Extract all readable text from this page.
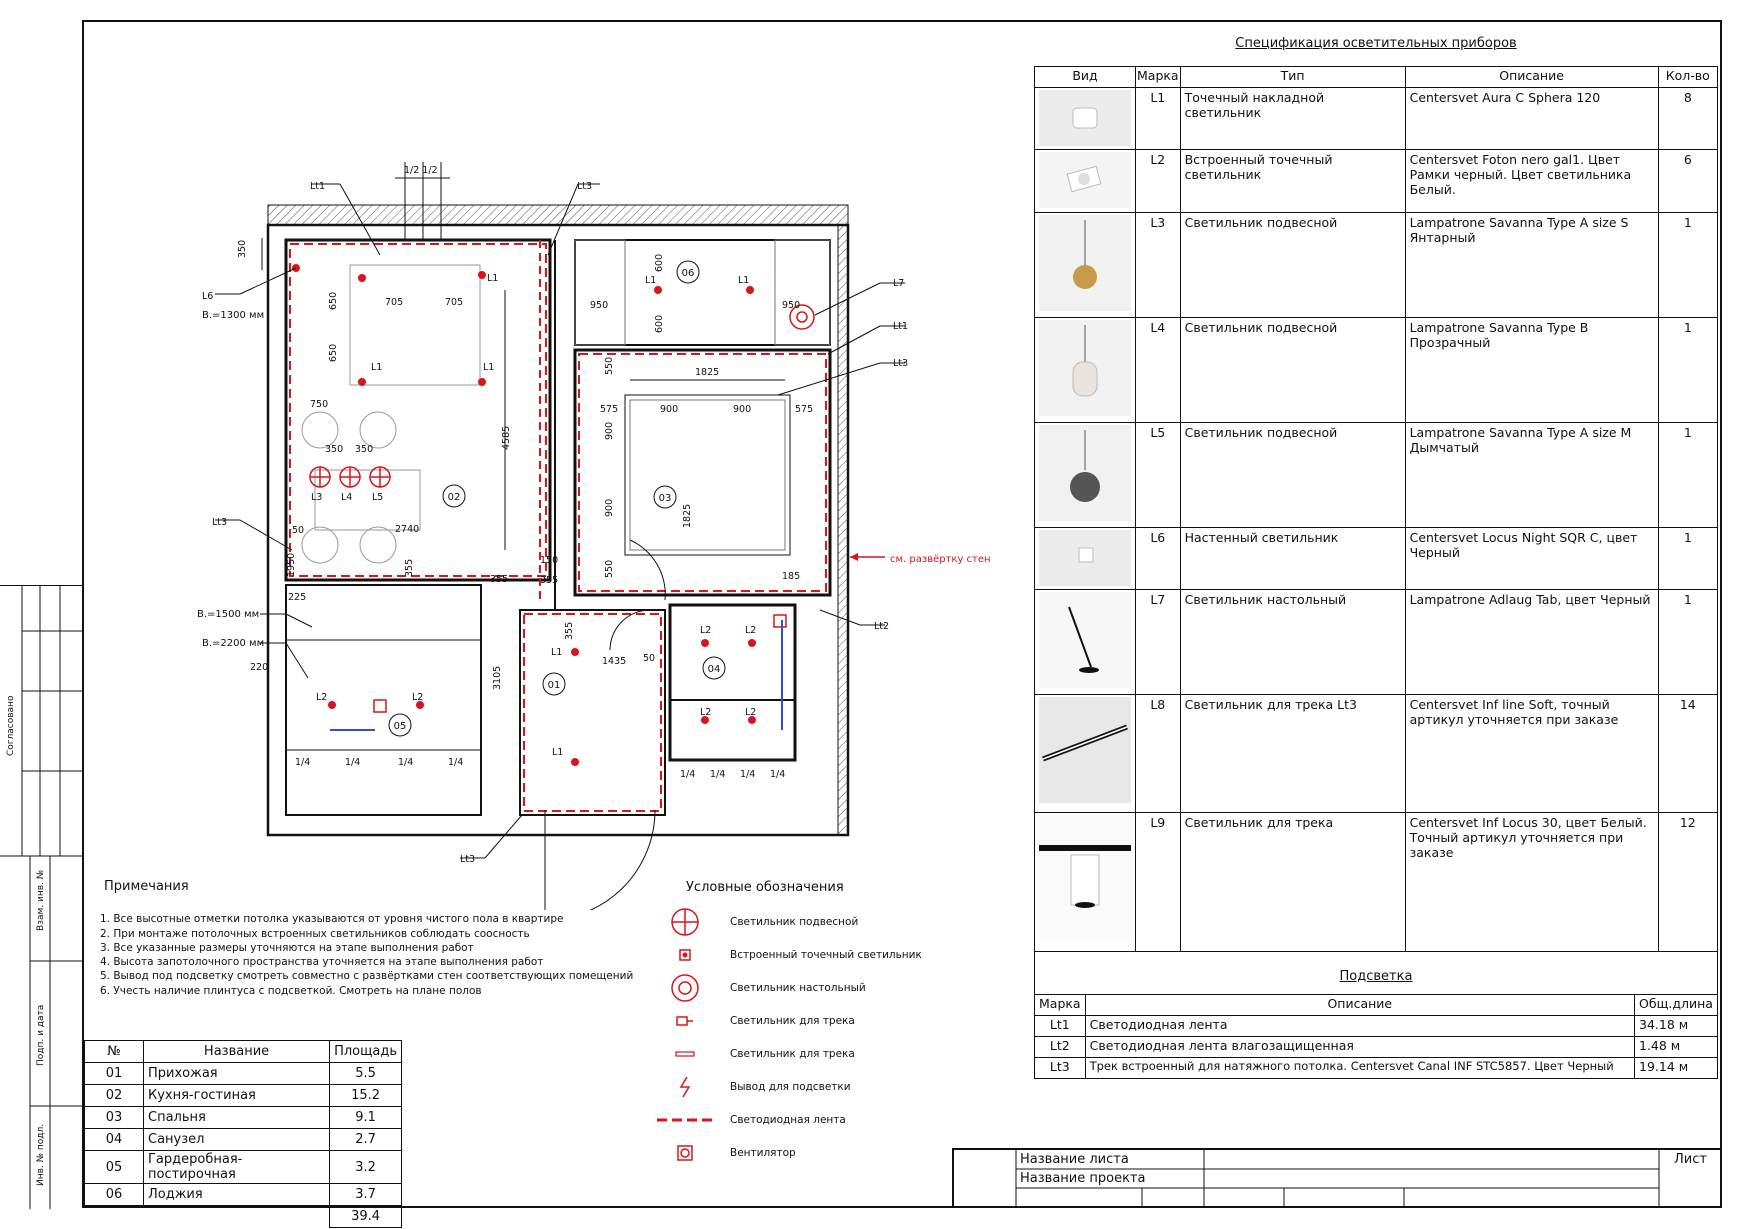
Согласовано
Взам. инв. №
Подп. и дата
Инв. № подл.
1/2 1/2
350
705	705
650
650
750
350 350
2740
4585
1825
575	900	900	575
550
900
900
550
1825
950	950
600
600
150
355
355
1950	355
50
225
220
1435 50
3105
355
185
1/4	1/4	1/4	1/4
1/4 1/4 1/4 1/4
Lt1	Lt3
L6
L7
Lt1
Lt3
Lt3
Lt2
Lt3
L1
L1	L1
L1	L1
L1
L1
L2	L2
L2	L2
L2	L2
L3 L4 L5
01
02	03
04
05
06
В.=1300 мм
В.=1500 мм
В.=2200 мм
см. развёртку стен
Спецификация осветительных приборов
Вид	Марка	Тип	Описание	Кол-во

	L1	Точечный накладной светильник	Centersvet Aura C Sphera 120	8

	L2	Встроенный точечный светильник	Centersvet Foton nero gal1. Цвет Рамки черный. Цвет светильника Белый.	6

	L3	Светильник подвесной	Lampatrone Savanna Type A size S Янтарный	1

	L4	Светильник подвесной	Lampatrone Savanna Type B Прозрачный	1

	L5	Светильник подвесной	Lampatrone Savanna Type A size M Дымчатый	1

	L6	Настенный светильник	Centersvet Locus Night SQR C, цвет Черный	1

	L7	Светильник настольный	Lampatrone Adlaug Tab, цвет Черный	1

	L8	Светильник для трека Lt3	Centersvet Inf line Soft, точный артикул уточняется при заказе	14

	L9	Светильник для трека	Centersvet Inf Locus 30, цвет Белый. Точный артикул уточняется при заказе	12
Подсветка
Марка	Описание	Общ.длина
Lt1	Светодиодная лента	34.18 м
Lt2	Светодиодная лента влагозащищенная	1.48 м
Lt3	Трек встроенный для натяжного потолка. Centersvet Canal INF STC5857. Цвет Черный	19.14 м
Примечания
1. Все высотные отметки потолка указываются от уровня чистого пола в квартире
2. При монтаже потолочных встроенных светильников соблюдать соосность
3. Все указанные размеры уточняются на этапе выполнения работ
4. Высота запотолочного пространства уточняется на этапе выполнения работ
5. Вывод под подсветку смотреть совместно с развёртками стен соответствующих помещений
6. Учесть наличие плинтуса с подсветкой. Смотреть на плане полов
Условные обозначения
Светильник подвесной
Встроенный точечный светильник
Светильник настольный
Светильник для трека
Светильник для трека
Вывод для подсветки
Светодиодная лента
Вентилятор
№	Название	Площадь
01	Прихожая	5.5
02	Кухня-гостиная	15.2
03	Спальня	9.1
04	Санузел	2.7
05	Гардеробная-постирочная	3.2
06	Лоджия	3.7
		39.4
Название листа
Название проекта
Лист
